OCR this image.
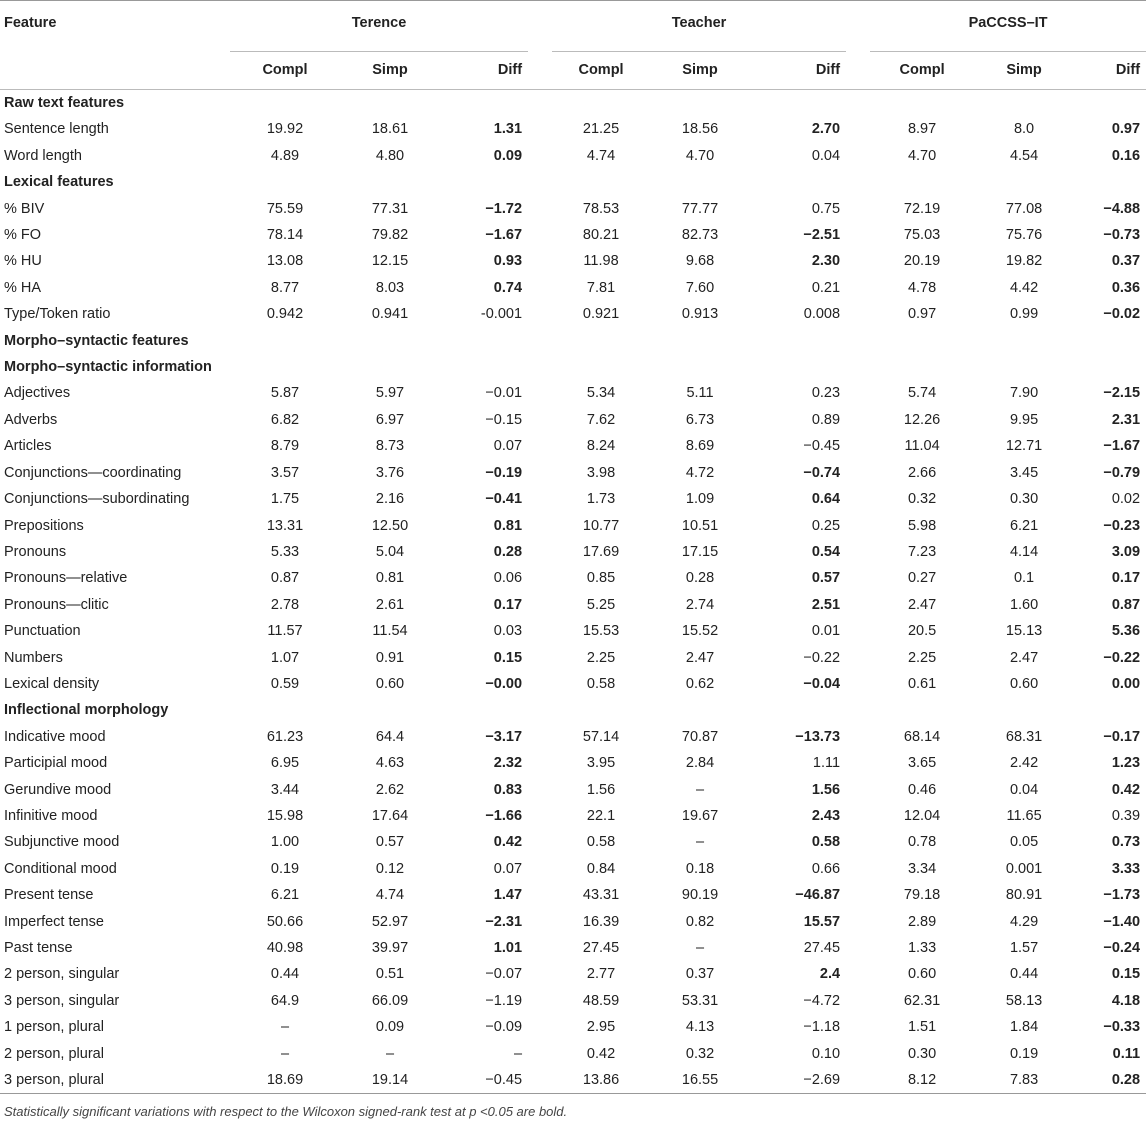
Feature	Terence				Teacher				PaCCSS–IT		
	Compl	Simp	Diff		Compl	Simp	Diff		Compl	Simp	Diff
Raw text features											
Sentence length	19.92	18.61	1.31		21.25	18.56	2.70		8.97	8.0	0.97
Word length	4.89	4.80	0.09		4.74	4.70	0.04		4.70	4.54	0.16
Lexical features											
% BIV	75.59	77.31	−1.72		78.53	77.77	0.75		72.19	77.08	−4.88
% FO	78.14	79.82	−1.67		80.21	82.73	−2.51		75.03	75.76	−0.73
% HU	13.08	12.15	0.93		11.98	9.68	2.30		20.19	19.82	0.37
% HA	8.77	8.03	0.74		7.81	7.60	0.21		4.78	4.42	0.36
Type/Token ratio	0.942	0.941	-0.001		0.921	0.913	0.008		0.97	0.99	−0.02
Morpho–syntactic features											
Morpho–syntactic information											
Adjectives	5.87	5.97	−0.01		5.34	5.11	0.23		5.74	7.90	−2.15
Adverbs	6.82	6.97	−0.15		7.62	6.73	0.89		12.26	9.95	2.31
Articles	8.79	8.73	0.07		8.24	8.69	−0.45		11.04	12.71	−1.67
Conjunctions—coordinating	3.57	3.76	−0.19		3.98	4.72	−0.74		2.66	3.45	−0.79
Conjunctions—subordinating	1.75	2.16	−0.41		1.73	1.09	0.64		0.32	0.30	0.02
Prepositions	13.31	12.50	0.81		10.77	10.51	0.25		5.98	6.21	−0.23
Pronouns	5.33	5.04	0.28		17.69	17.15	0.54		7.23	4.14	3.09
Pronouns—relative	0.87	0.81	0.06		0.85	0.28	0.57		0.27	0.1	0.17
Pronouns—clitic	2.78	2.61	0.17		5.25	2.74	2.51		2.47	1.60	0.87
Punctuation	11.57	11.54	0.03		15.53	15.52	0.01		20.5	15.13	5.36
Numbers	1.07	0.91	0.15		2.25	2.47	−0.22		2.25	2.47	−0.22
Lexical density	0.59	0.60	−0.00		0.58	0.62	−0.04		0.61	0.60	0.00
Inflectional morphology											
Indicative mood	61.23	64.4	−3.17		57.14	70.87	−13.73		68.14	68.31	−0.17
Participial mood	6.95	4.63	2.32		3.95	2.84	1.11		3.65	2.42	1.23
Gerundive mood	3.44	2.62	0.83		1.56	–	1.56		0.46	0.04	0.42
Infinitive mood	15.98	17.64	−1.66		22.1	19.67	2.43		12.04	11.65	0.39
Subjunctive mood	1.00	0.57	0.42		0.58	–	0.58		0.78	0.05	0.73
Conditional mood	0.19	0.12	0.07		0.84	0.18	0.66		3.34	0.001	3.33
Present tense	6.21	4.74	1.47		43.31	90.19	−46.87		79.18	80.91	−1.73
Imperfect tense	50.66	52.97	−2.31		16.39	0.82	15.57		2.89	4.29	−1.40
Past tense	40.98	39.97	1.01		27.45	–	27.45		1.33	1.57	−0.24
2 person, singular	0.44	0.51	−0.07		2.77	0.37	2.4		0.60	0.44	0.15
3 person, singular	64.9	66.09	−1.19		48.59	53.31	−4.72		62.31	58.13	4.18
1 person, plural	–	0.09	−0.09		2.95	4.13	−1.18		1.51	1.84	−0.33
2 person, plural	–	–	–		0.42	0.32	0.10		0.30	0.19	0.11
3 person, plural	18.69	19.14	−0.45		13.86	16.55	−2.69		8.12	7.83	0.28
Statistically significant variations with respect to the Wilcoxon signed-rank test at p <0.05 are bold.
